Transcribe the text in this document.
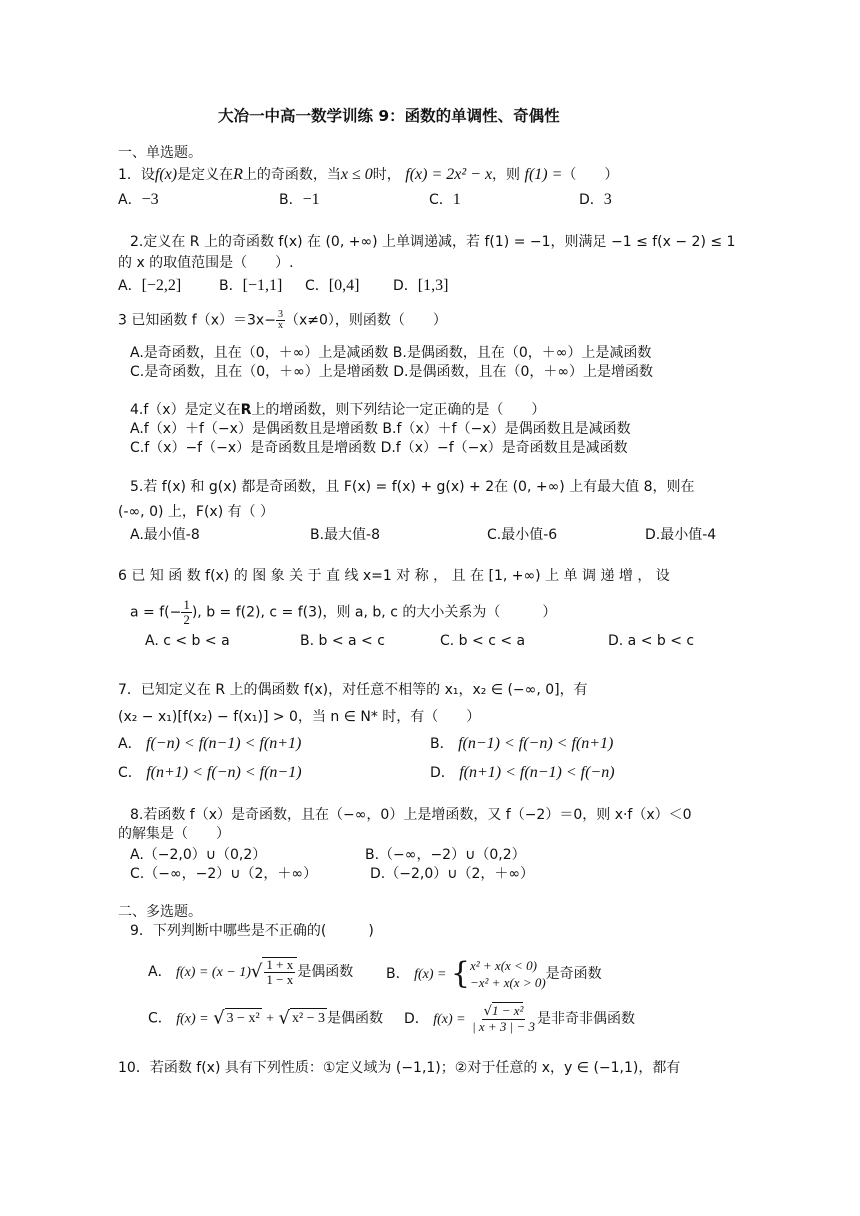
大冶一中高一数学训练 9：函数的单调性、奇偶性
一、单选题。
1．设f(x)是定义在R上的奇函数，当x ≤ 0时， f(x) = 2x² − x，则 f(1) =（　　）
A．−3	B．−1	C．1	D．3
2.定义在 R 上的奇函数 f(x) 在 (0, +∞) 上单调递减，若 f(1) = −1，则满足 −1 ≤ f(x − 2) ≤ 1
的 x 的取值范围是（　　）.
A．[−2,2]	B．[−1,1] C．[0,4] D．[1,3]
3 已知函数 $f(x)=3x- \frac{3}{x} (x\ne 0)$，则函数（　　）
A.是奇函数，且在（0，＋∞）上是减函数 B.是偶函数，且在（0，＋∞）上是减函数
C.是奇函数，且在（0，＋∞）上是增函数 D.是偶函数，且在（0，＋∞）上是增函数
4.f（x）是定义在R上的增函数，则下列结论一定正确的是（　　）
A.f（x）＋f（−x）是偶函数且是增函数 B.f（x）＋f（−x）是偶函数且是减函数
C.f（x）−f（−x）是奇函数且是增函数 D.f（x）−f（−x）是奇函数且是减函数
5.若 f(x) 和 g(x) 都是奇函数，且 F(x) = f(x) + g(x) + 2在 (0, +∞) 上有最大值 8，则在
(-∞, 0) 上，F(x) 有（ ）
A.最小值-8	B.最大值-8	C.最小值-6	D.最小值-4
6 已 知 函 数 f(x) 的 图 象 关 于 直 线 x=1 对 称 ， 且 在 [1, +∞) 上 单 调 递 增 ， 设
$a = f(- \frac{1}{2}$ ), b = f(2), c = f(3)，则 a, b, c 的大小关系为（　　　）
A. c < b < a	B. b < a < c	C. b < c < a	D. a < b < c
7．已知定义在 R 上的偶函数 f(x)，对任意不相等的 x₁，x₂ ∈ (−∞, 0]，有
(x₂ − x₁)[f(x₂) − f(x₁)] > 0，当 n ∈ N* 时，有（　　）
A． f(−n) < f(n−1) < f(n+1)	B． f(n−1) < f(−n) < f(n+1)
C． f(n+1) < f(−n) < f(n−1)	D． f(n+1) < f(n−1) < f(−n)
8.若函数 f（x）是奇函数，且在（−∞，0）上是增函数，又 f（−2）＝0，则 x·f（x）＜0
的解集是（　　）
A.（−2,0）∪（0,2）	B.（−∞，−2）∪（0,2）
C.（−∞，−2）∪（2，＋∞）	D.（−2,0）∪（2，＋∞）
二、多选题。
9．下列判断中哪些是不正确的(　　　)
A． $f(x) = (x - 1)√ \frac{1 + x}{1 - x}$ 是偶函数 B． f(x) = { x² + x(x < 0)
−x² + x(x > 0)
是奇函数
C． f(x) = √ 3 − x² + √ x² − 3 是偶函数 D． $f(x) = \frac{\text{√1 − x²}}{| x + 3 | - 3}$ 是非奇非偶函数
10．若函数 f(x) 具有下列性质：①定义域为 (−1,1)；②对于任意的 x，y ∈ (−1,1)，都有
